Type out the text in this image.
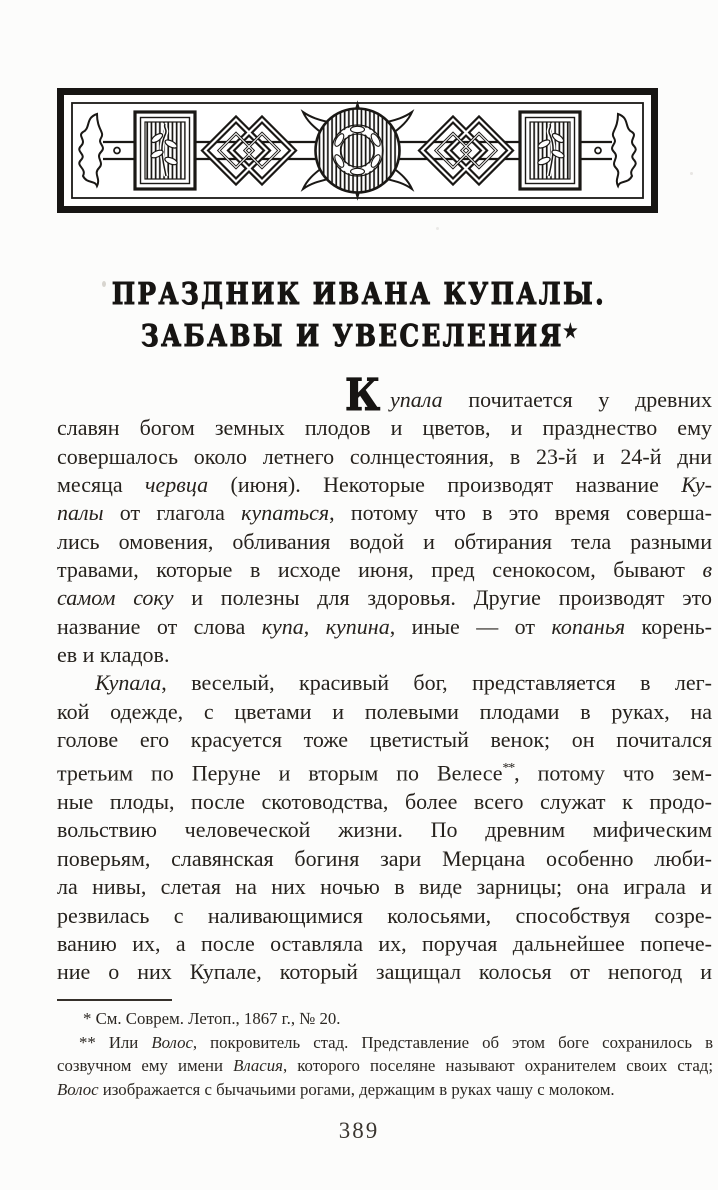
ПРАЗДНИК ИВАНА КУПАЛЫ.
ЗАБАВЫ И УВЕСЕЛЕНИЯ★
Купала почитается у древних
славян богом земных плодов и цветов, и празднество ему
совершалось около летнего солнцестояния, в 23-й и 24-й дни
месяца червца (июня). Некоторые производят название Ку-
палы от глагола купаться, потому что в это время соверша-
лись омовения, обливания водой и обтирания тела разными
травами, которые в исходе июня, пред сенокосом, бывают в
самом соку и полезны для здоровья. Другие производят это
название от слова купа, купина, иные — от копанья корень-
ев и кладов.
Купала, веселый, красивый бог, представляется в лег-
кой одежде, с цветами и полевыми плодами в руках, на
голове его красуется тоже цветистый венок; он почитался
третьим по Перуне и вторым по Велесе**, потому что зем-
ные плоды, после скотоводства, более всего служат к продо-
вольствию человеческой жизни. По древним мифическим
поверьям, славянская богиня зари Мерцана особенно люби-
ла нивы, слетая на них ночью в виде зарницы; она играла и
резвилась с наливающимися колосьями, способствуя созре-
ванию их, а после оставляла их, поручая дальнейшее попече-
ние о них Купале, который защищал колосья от непогод и
* См. Соврем. Летоп., 1867 г., № 20.
** Или Волос, покровитель стад. Представление об этом боге сохранилось в
созвучном ему имени Власия, которого поселяне называют охранителем своих стад;
Волос изображается с бычачьими рогами, держащим в руках чашу с молоком.
389
